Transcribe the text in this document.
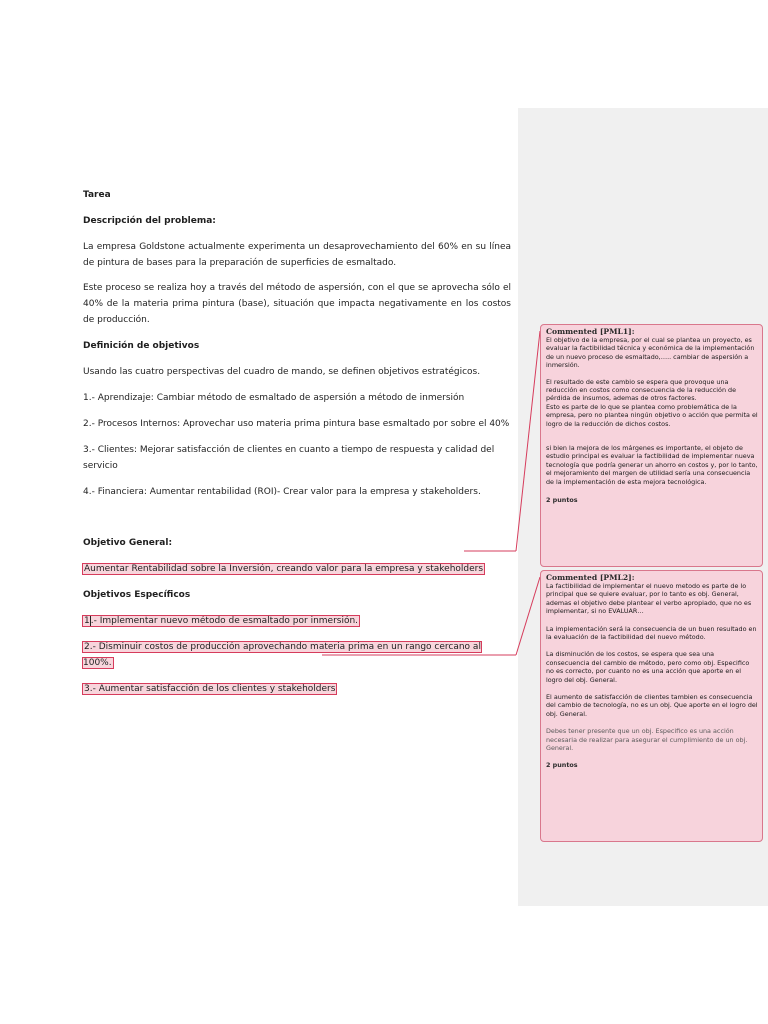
Tarea

Descripción del problema:

La empresa Goldstone actualmente experimenta un desaprovechamiento del 60% en su línea de pintura de bases para la preparación de superficies de esmaltado.

Este proceso se realiza hoy a través del método de aspersión, con el que se aprovecha sólo el 40% de la materia prima pintura (base), situación que impacta negativamente en los costos de producción.

Definición de objetivos

Usando las cuatro perspectivas del cuadro de mando, se definen objetivos estratégicos.

1.- Aprendizaje: Cambiar método de esmaltado de aspersión a método de inmersión

2.- Procesos Internos: Aprovechar uso materia prima pintura base esmaltado por sobre el 40%

3.- Clientes: Mejorar satisfacción de clientes en cuanto a tiempo de respuesta y calidad del servicio

4.- Financiera: Aumentar rentabilidad (ROI)- Crear valor para la empresa y stakeholders.

Objetivo General:

Aumentar Rentabilidad sobre la Inversión, creando valor para la empresa y stakeholders

Objetivos Específicos

1.- Implementar nuevo método de esmaltado por inmersión.

2.- Disminuir costos de producción aprovechando materia prima en un rango cercano al 100%.

3.- Aumentar satisfacción de los clientes y stakeholders

Commented [PML1]:

El objetivo de la empresa, por el cual se plantea un proyecto, es evaluar la factibilidad técnica y económica de la implementación de un nuevo proceso de esmaltado,….. cambiar de aspersión a inmersión.

El resultado de este cambio se espera que provoque una reducción en costos como consecuencia de la reducción de pérdida de insumos, ademas de otros factores.

Esto es parte de lo que se plantea como problemática de la empresa, pero no plantea ningún objetivo o acción que permita el logro de la reducción de dichos costos.

si bien la mejora de los márgenes es importante, el objeto de estudio principal es evaluar la factibilidad de implementar nueva tecnología que podría generar un ahorro en costos y, por lo tanto, el mejoramiento del margen de utilidad sería una consecuencia de la implementación de esta mejora tecnológica.

2 puntos

Commented [PML2]:

La factibilidad de implementar el nuevo metodo es parte de lo principal que se quiere evaluar, por lo tanto es obj. General, ademas el objetivo debe plantear el verbo apropiado, que no es implementar, si no EVALUAR…

La implementación será la consecuencia de un buen resultado en la evaluación de la factibilidad del nuevo método.

La disminución de los costos, se espera que sea una consecuencia del cambio de método, pero como obj. Especifico no es correcto, por cuanto no es una acción que aporte en el logro del obj. General.

El aumento de satisfacción de clientes tambien es consecuencia del cambio de tecnología, no es un obj. Que aporte en el logro del obj. General.

Debes tener presente que un obj. Especifico es una acción necesaria de realizar para asegurar el cumplimiento de un obj. General.

2 puntos
